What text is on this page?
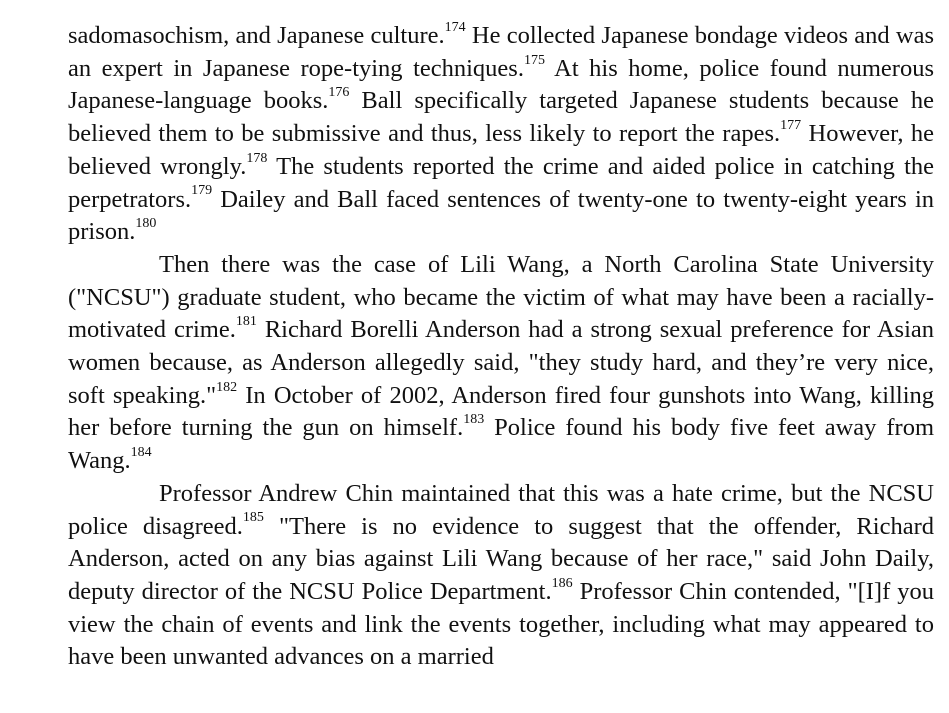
sadomasochism, and Japanese culture.$^{174}$ He collected Japanese bondage videos and was an expert in Japanese rope-tying techniques.$^{175}$ At his home, police found numerous Japanese-language books.$^{176}$ Ball specifically targeted Japanese students because he believed them to be submissive and thus, less likely to report the rapes.$^{177}$ However, he believed wrongly.$^{178}$ The students reported the crime and aided police in catching the perpetrators.$^{179}$ Dailey and Ball faced sentences of twenty-one to twenty-eight years in prison.$^{180}$

Then there was the case of Lili Wang, a North Carolina State University ("NCSU") graduate student, who became the victim of what may have been a racially-motivated crime.$^{181}$ Richard Borelli Anderson had a strong sexual preference for Asian women because, as Anderson allegedly said, "they study hard, and they’re very nice, soft speaking."$^{182}$ In October of 2002, Anderson fired four gunshots into Wang, killing her before turning the gun on himself.$^{183}$ Police found his body five feet away from Wang.$^{184}$

Professor Andrew Chin maintained that this was a hate crime, but the NCSU police disagreed.$^{185}$ "There is no evidence to suggest that the offender, Richard Anderson, acted on any bias against Lili Wang because of her race," said John Daily, deputy director of the NCSU Police Department.$^{186}$ Professor Chin contended, "[I]f you view the chain of events and link the events together, including what may appeared to have been unwanted advances on a married
